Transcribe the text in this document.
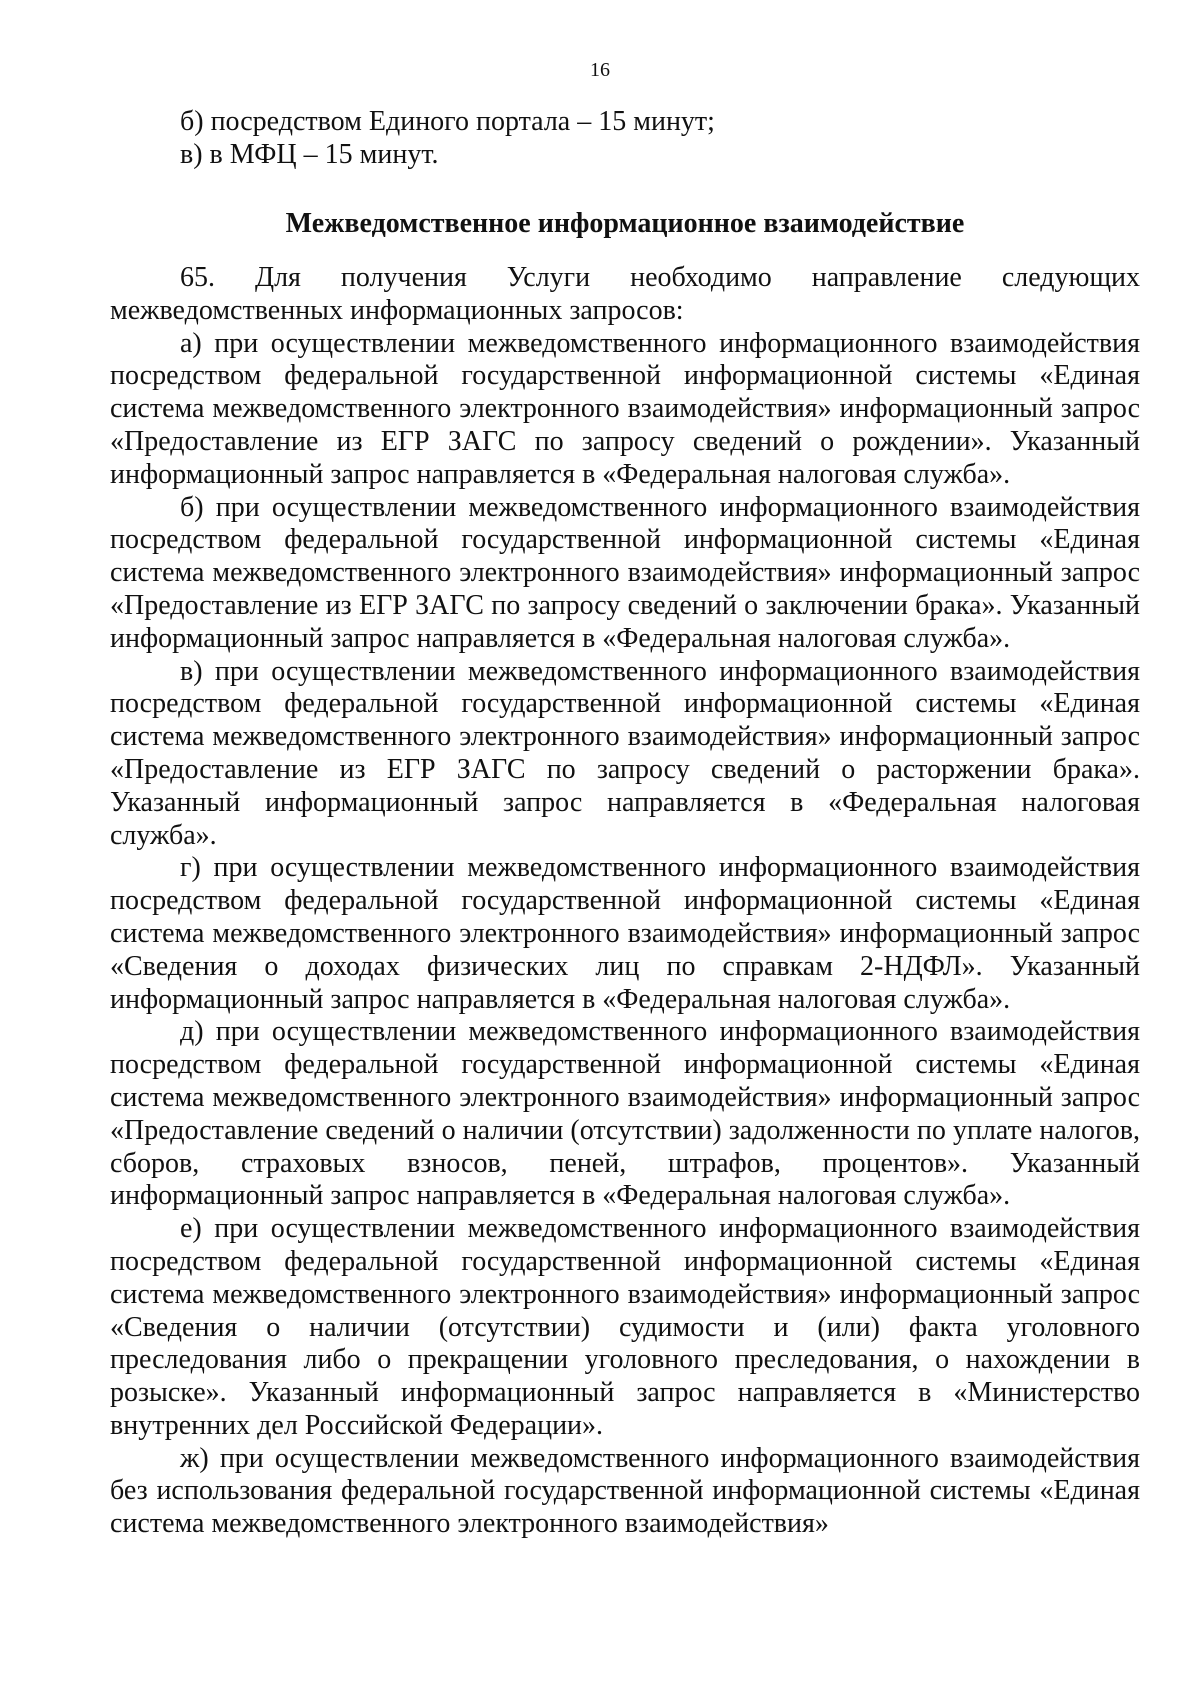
16

б) посредством Единого портала – 15 минут;

в) в МФЦ – 15 минут.

Межведомственное информационное взаимодействие

65. Для получения Услуги необходимо направление следующих межведомственных информационных запросов:

а) при осуществлении межведомственного информационного взаимодействия посредством федеральной государственной информационной системы «Единая система межведомственного электронного взаимодействия» информационный запрос «Предоставление из ЕГР ЗАГС по запросу сведений о рождении». Указанный информационный запрос направляется в «Федеральная налоговая служба».

б) при осуществлении межведомственного информационного взаимодействия посредством федеральной государственной информационной системы «Единая система межведомственного электронного взаимодействия» информационный запрос «Предоставление из ЕГР ЗАГС по запросу сведений о заключении брака». Указанный информационный запрос направляется в «Федеральная налоговая служба».

в) при осуществлении межведомственного информационного взаимодействия посредством федеральной государственной информационной системы «Единая система межведомственного электронного взаимодействия» информационный запрос «Предоставление из ЕГР ЗАГС по запросу сведений о расторжении брака». Указанный информационный запрос направляется в «Федеральная налоговая служба».

г) при осуществлении межведомственного информационного взаимодействия посредством федеральной государственной информационной системы «Единая система межведомственного электронного взаимодействия» информационный запрос «Сведения о доходах физических лиц по справкам 2-НДФЛ». Указанный информационный запрос направляется в «Федеральная налоговая служба».

д) при осуществлении межведомственного информационного взаимодействия посредством федеральной государственной информационной системы «Единая система межведомственного электронного взаимодействия» информационный запрос «Предоставление сведений о наличии (отсутствии) задолженности по уплате налогов, сборов, страховых взносов, пеней, штрафов, процентов». Указанный информационный запрос направляется в «Федеральная налоговая служба».

е) при осуществлении межведомственного информационного взаимодействия посредством федеральной государственной информационной системы «Единая система межведомственного электронного взаимодействия» информационный запрос «Сведения о наличии (отсутствии) судимости и (или) факта уголовного преследования либо о прекращении уголовного преследования, о нахождении в розыске». Указанный информационный запрос направляется в «Министерство внутренних дел Российской Федерации».

ж) при осуществлении межведомственного информационного взаимодействия без использования федеральной государственной информационной системы «Единая система межведомственного электронного взаимодействия»
